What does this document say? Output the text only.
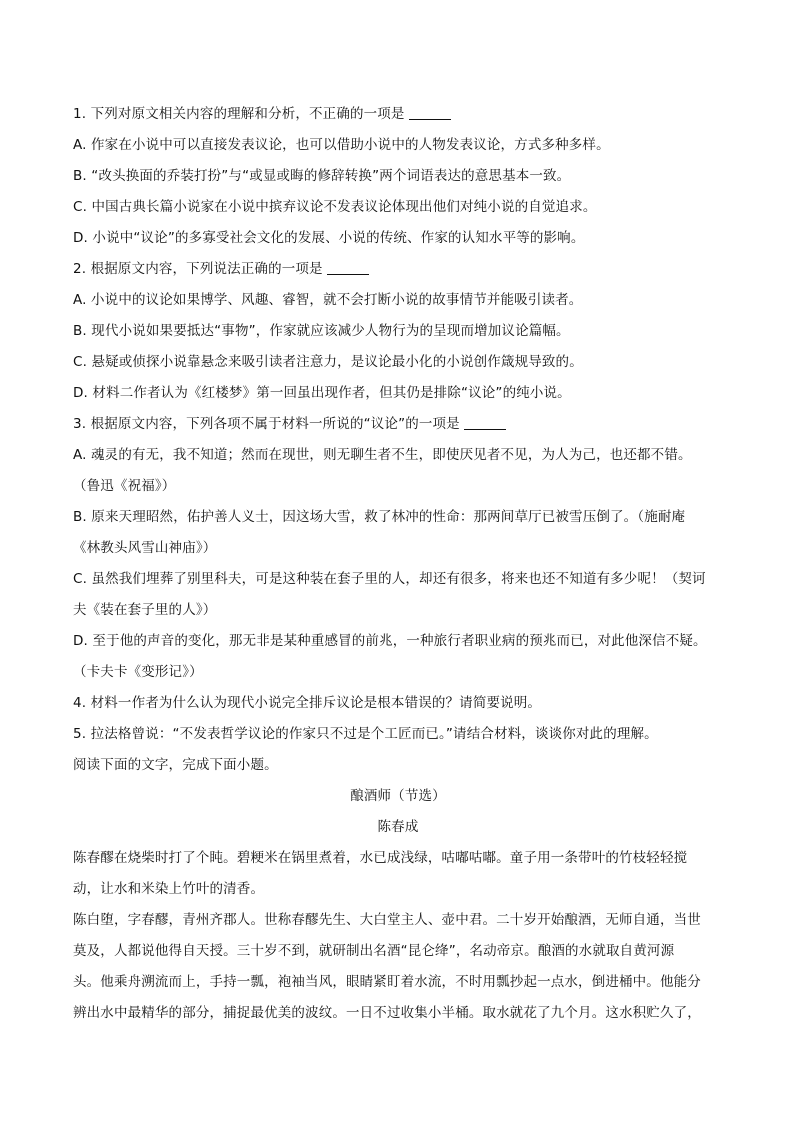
1. 下列对原文相关内容的理解和分析，不正确的一项是
A. 作家在小说中可以直接发表议论，也可以借助小说中的人物发表议论，方式多种多样。
B. “改头换面的乔装打扮”与“或显或晦的修辞转换”两个词语表达的意思基本一致。
C. 中国古典长篇小说家在小说中摈弃议论不发表议论体现出他们对纯小说的自觉追求。
D. 小说中“议论”的多寡受社会文化的发展、小说的传统、作家的认知水平等的影响。
2. 根据原文内容，下列说法正确的一项是
A. 小说中的议论如果博学、风趣、睿智，就不会打断小说的故事情节并能吸引读者。
B. 现代小说如果要抵达“事物”，作家就应该减少人物行为的呈现而增加议论篇幅。
C. 悬疑或侦探小说靠悬念来吸引读者注意力，是议论最小化的小说创作箴规导致的。
D. 材料二作者认为《红楼梦》第一回虽出现作者，但其仍是排除“议论”的纯小说。
3. 根据原文内容，下列各项不属于材料一所说的“议论”的一项是
A. 魂灵的有无，我不知道；然而在现世，则无聊生者不生，即使厌见者不见，为人为己，也还都不错。
（鲁迅《祝福》）
B. 原来天理昭然，佑护善人义士，因这场大雪，救了林冲的性命：那两间草厅已被雪压倒了。（施耐庵
《林教头风雪山神庙》）
C. 虽然我们埋葬了别里科夫，可是这种装在套子里的人，却还有很多，将来也还不知道有多少呢！（契诃
夫《装在套子里的人》）
D. 至于他的声音的变化，那无非是某种重感冒的前兆，一种旅行者职业病的预兆而已，对此他深信不疑。
（卡夫卡《变形记》）
4. 材料一作者为什么认为现代小说完全排斥议论是根本错误的？请简要说明。
5. 拉法格曾说：“不发表哲学议论的作家只不过是个工匠而已。”请结合材料，谈谈你对此的理解。
阅读下面的文字，完成下面小题。
酿酒师（节选）
陈春成
陈春醪在烧柴时打了个盹。碧粳米在锅里煮着，水已成浅绿，咕嘟咕嘟。童子用一条带叶的竹枝轻轻搅
动，让水和米染上竹叶的清香。
陈白堕，字春醪，青州齐郡人。世称春醪先生、大白堂主人、壶中君。二十岁开始酿酒，无师自通，当世
莫及，人都说他得自天授。三十岁不到，就研制出名酒“昆仑绛”，名动帝京。酿酒的水就取自黄河源
头。他乘舟溯流而上，手持一瓢，袍袖当风，眼睛紧盯着水流，不时用瓢抄起一点水，倒进桶中。他能分
辨出水中最精华的部分，捕捉最优美的波纹。一日不过收集小半桶。取水就花了九个月。这水积贮久了，
